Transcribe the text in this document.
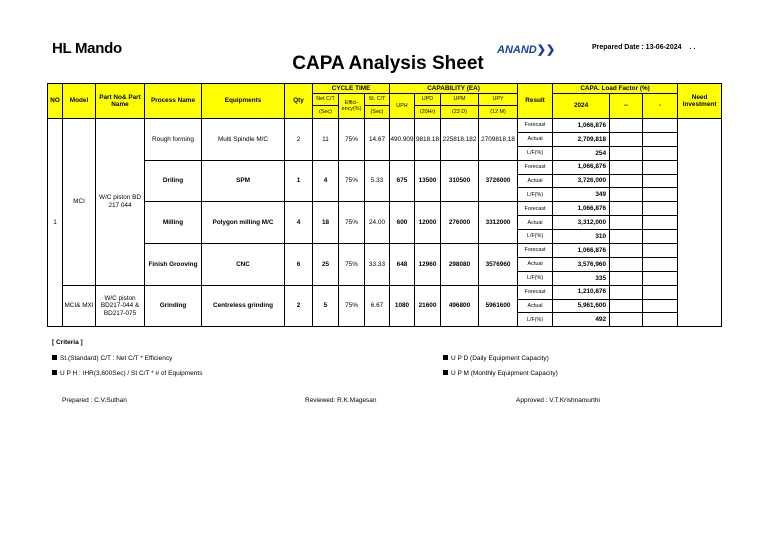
HL Mando	ANAND❯❯	Prepared Date : 13-06-2024 . .
CAPA Analysis Sheet
NO	Model	Part No& Part Name	Process Name	Equipments	Qty	CYCLE TIME			CAPABILITY (EA)				Result	CAPA. Load Factor (%)			Need Investment
						Net C/T	Effici-ency(%)	St. C/T	UPH	UPD	UPM	UPY		2024	--	-	
						(Sec)		(Sec)		(20Hr)	(23 D)	(12 M)					
1	MCI	W/C piston BD 217 044	Rough forming	Multi Spindle M/C	2	11	75%	14.67	490.909	9818.18	225818.182	2709818.18	Forecast	1,066,876			
													Actual	2,709,818			
													L/F(%)	254			
			Driling	SPM	1	4	75%	5.33	675	13500	310500	3726000	Forecast	1,066,876			
													Actual	3,726,000			
													L/F(%)	349			
			Milling	Polygon milling M/C	4	18	75%	24.00	600	12000	276000	3312000	Forecast	1,066,876			
													Actual	3,312,000			
													L/F(%)	310			
			Finish Grooving	CNC	6	25	75%	33.33	648	12960	298080	3576960	Forecast	1,066,876			
													Actual	3,576,960			
													L/F(%)	335			
	MCI& MXI	W/C piston BD217-044 & BD217-075	Grinding	Centreless grinding	2	5	75%	6.67	1080	21600	496800	5961600	Forecast	1,210,876			
													Actual	5,961,600			
													L/F(%)	492			
[ Criteria ]
St.(Standard) C/T : Net C/T * Efficiency
U P H : IHR(3,600Sec) / St C/T * # of Equipments
U P D (Daily Equipment Capacity)
U P M (Monthly Equipment Capacity)
Prepared : C.V.Suthan	Reviewed: R.K.Magesan	Approved : V.T.Krishnamurthi
